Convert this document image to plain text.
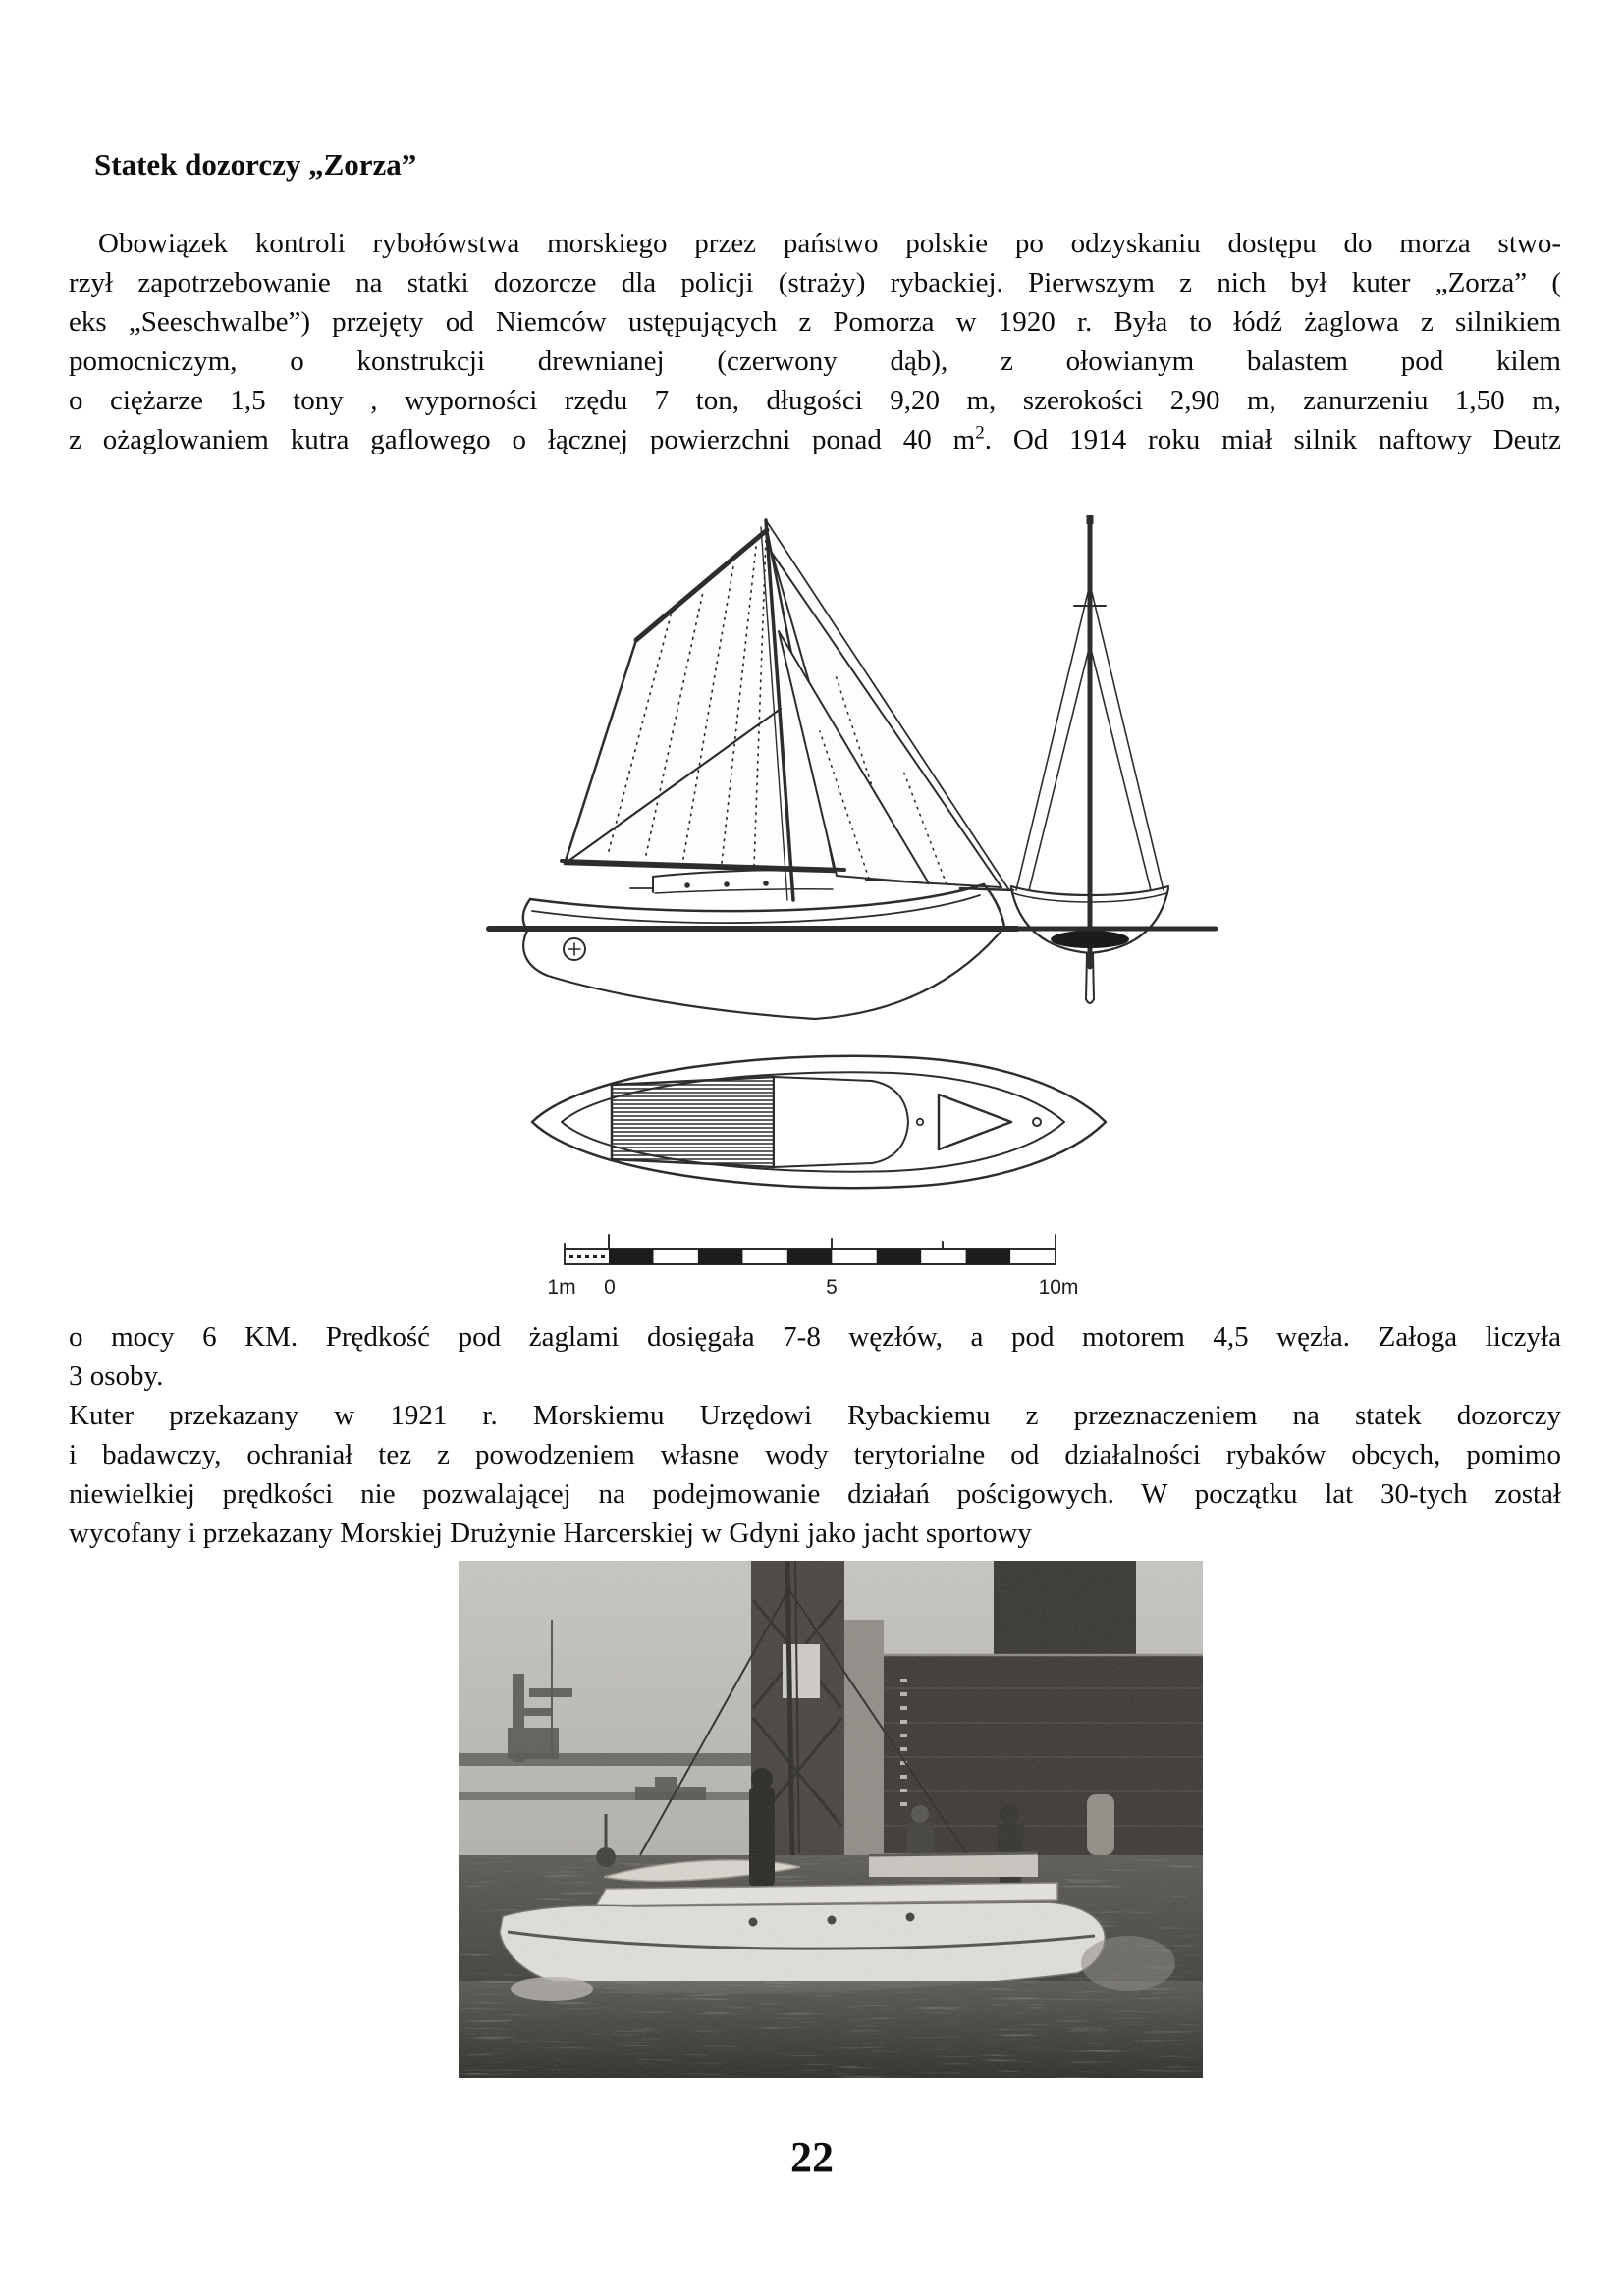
Statek dozorczy „Zorza”
Obowiązek kontroli rybołówstwa morskiego przez państwo polskie po odzyskaniu dostępu do morza stwo-
rzył zapotrzebowanie na statki dozorcze dla policji (straży) rybackiej. Pierwszym z nich był kuter „Zorza” (
eks „Seeschwalbe”) przejęty od Niemców ustępujących z Pomorza w 1920 r. Była to łódź żaglowa z silnikiem
pomocniczym, o konstrukcji drewnianej (czerwony dąb), z ołowianym balastem pod kilem
o ciężarze 1,5 tony , wyporności rzędu 7 ton, długości 9,20 m, szerokości 2,90 m, zanurzeniu 1,50 m,
z ożaglowaniem kutra gaflowego o łącznej powierzchni ponad 40 $m^2$. Od 1914 roku miał silnik naftowy Deutz
1m 0	5	10m
o mocy 6 KM. Prędkość pod żaglami dosięgała 7-8 węzłów, a pod motorem 4,5 węzła. Załoga liczyła
3 osoby.
Kuter przekazany w 1921 r. Morskiemu Urzędowi Rybackiemu z przeznaczeniem na statek dozorczy
i badawczy, ochraniał tez z powodzeniem własne wody terytorialne od działalności rybaków obcych, pomimo
niewielkiej prędkości nie pozwalającej na podejmowanie działań pościgowych. W początku lat 30-tych został
wycofany i przekazany Morskiej Drużynie Harcerskiej w Gdyni jako jacht sportowy
22
